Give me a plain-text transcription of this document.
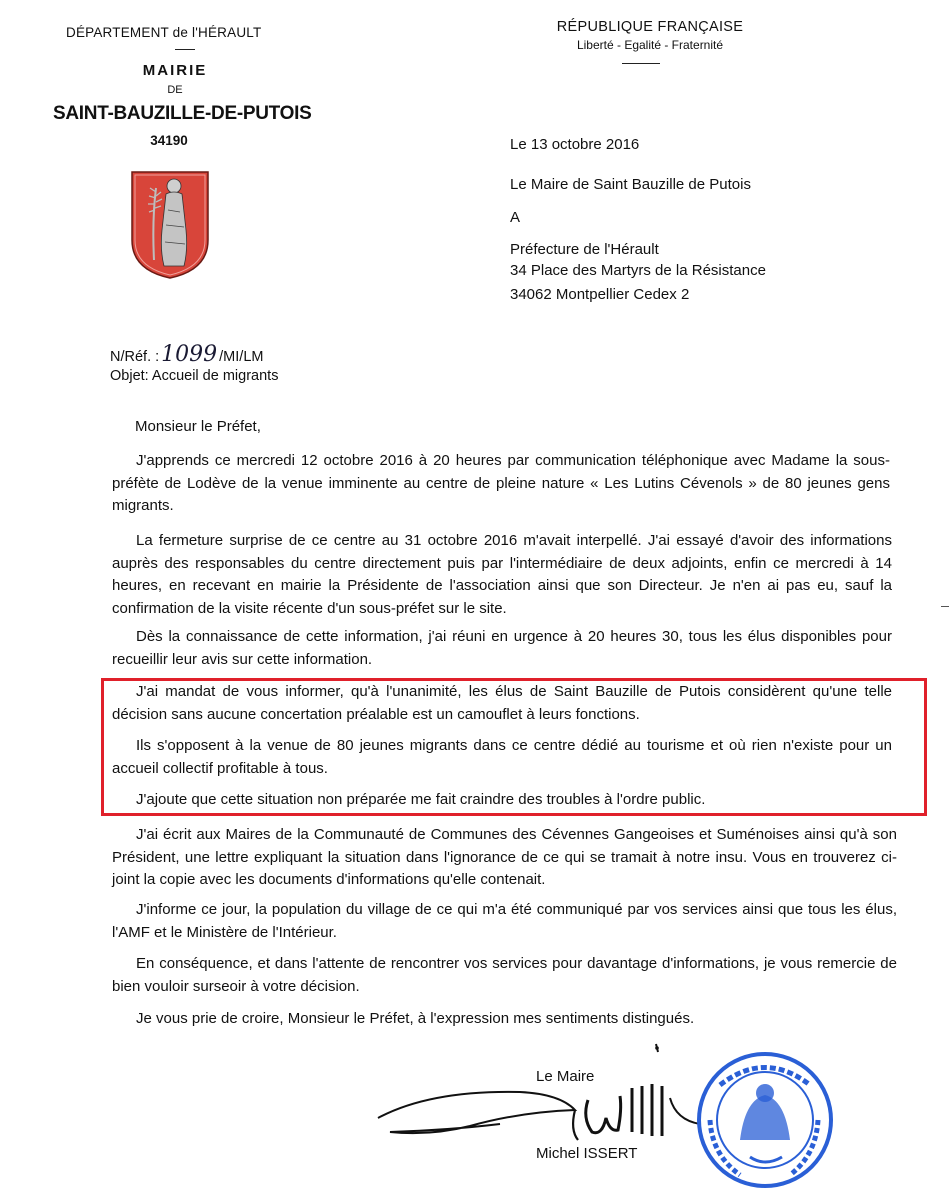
DÉPARTEMENT de l'HÉRAULT
MAIRIE
DE
SAINT-BAUZILLE-DE-PUTOIS
34190
RÉPUBLIQUE FRANÇAISE
Liberté - Egalité - Fraternité
Le 13 octobre 2016
Le Maire de Saint Bauzille de Putois
A
Préfecture de l'Hérault
34 Place des Martyrs de la Résistance
34062 Montpellier Cedex 2
N/Réf. :1099 /MI/LM
Objet: Accueil de migrants
Monsieur le Préfet,
J'apprends ce mercredi 12 octobre 2016 à 20 heures par communication téléphonique avec Madame la sous-préfète de Lodève de la venue imminente au centre de pleine nature « Les Lutins Cévenols » de 80 jeunes gens migrants.
La fermeture surprise de ce centre au 31 octobre 2016 m'avait interpellé. J'ai essayé d'avoir des informations auprès des responsables du centre directement puis par l'intermédiaire de deux adjoints, enfin ce mercredi à 14 heures, en recevant en mairie la Présidente de l'association ainsi que son Directeur. Je n'en ai pas eu, sauf la confirmation de la visite récente d'un sous-préfet sur le site.
Dès la connaissance de cette information, j'ai réuni en urgence à 20 heures 30, tous les élus disponibles pour recueillir leur avis sur cette information.
J'ai mandat de vous informer, qu'à l'unanimité, les élus de Saint Bauzille de Putois considèrent qu'une telle décision sans aucune concertation préalable est un camouflet à leurs fonctions.
Ils s'opposent à la venue de 80 jeunes migrants dans ce centre dédié au tourisme et où rien n'existe pour un accueil collectif profitable à tous.
J'ajoute que cette situation non préparée me fait craindre des troubles à l'ordre public.
J'ai écrit aux Maires de la Communauté de Communes des Cévennes Gangeoises et Suménoises ainsi qu'à son Président, une lettre expliquant la situation dans l'ignorance de ce qui se tramait à notre insu. Vous en trouverez ci-joint la copie avec les documents d'informations qu'elle contenait.
J'informe ce jour, la population du village de ce qui m'a été communiqué par vos services ainsi que tous les élus, l'AMF et le Ministère de l'Intérieur.
En conséquence, et dans l'attente de rencontrer vos services pour davantage d'informations, je vous remercie de bien vouloir surseoir à votre décision.
Je vous prie de croire, Monsieur le Préfet, à l'expression mes sentiments distingués.
Le Maire
Michel ISSERT
